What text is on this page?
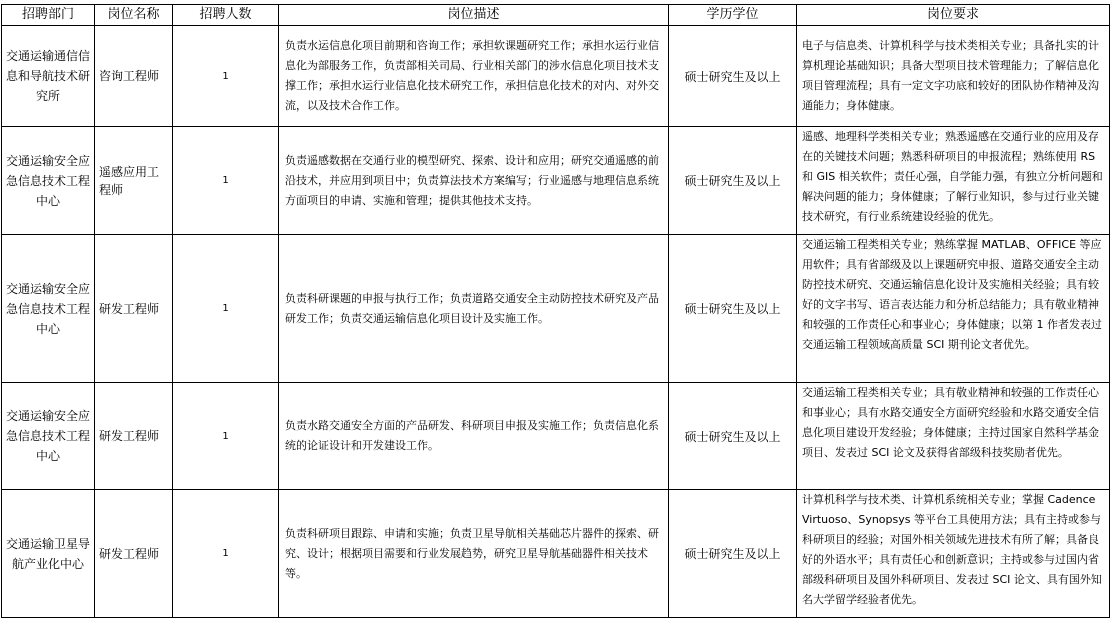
招聘部门	岗位名称	招聘人数	岗位描述	学历学位	岗位要求
交通运输通信信息和导航技术研究所	咨询工程师	1	负责水运信息化项目前期和咨询工作；承担软课题研究工作；承担水运行业信息化为部服务工作，负责部相关司局、行业相关部门的涉水信息化项目技术支撑工作；承担水运行业信息化技术研究工作，承担信息化技术的对内、对外交流，以及技术合作工作。	硕士研究生及以上	电子与信息类、计算机科学与技术类相关专业；具备扎实的计算机理论基础知识；具备大型项目技术管理能力；了解信息化项目管理流程；具有一定文字功底和较好的团队协作精神及沟通能力；身体健康。
交通运输安全应急信息技术工程中心	遥感应用工程师	1	负责遥感数据在交通行业的模型研究、探索、设计和应用；研究交通遥感的前沿技术，并应用到项目中；负责算法技术方案编写；行业遥感与地理信息系统方面项目的申请、实施和管理；提供其他技术支持。	硕士研究生及以上	遥感、地理科学类相关专业；熟悉遥感在交通行业的应用及存在的关键技术问题；熟悉科研项目的申报流程；熟练使用 RS 和 GIS 相关软件；责任心强，自学能力强，有独立分析问题和解决问题的能力；身体健康；了解行业知识，参与过行业关键技术研究，有行业系统建设经验的优先。
交通运输安全应急信息技术工程中心	研发工程师	1	负责科研课题的申报与执行工作；负责道路交通安全主动防控技术研究及产品研发工作；负责交通运输信息化项目设计及实施工作。	硕士研究生及以上	交通运输工程类相关专业；熟练掌握 MATLAB、OFFICE 等应用软件；具有省部级及以上课题研究申报、道路交通安全主动防控技术研究、交通运输信息化设计及实施相关经验；具有较好的文字书写、语言表达能力和分析总结能力；具有敬业精神和较强的工作责任心和事业心；身体健康；以第 1 作者发表过交通运输工程领域高质量 SCI 期刊论文者优先。
交通运输安全应急信息技术工程中心	研发工程师	1	负责水路交通安全方面的产品研发、科研项目申报及实施工作；负责信息化系统的论证设计和开发建设工作。	硕士研究生及以上	交通运输工程类相关专业；具有敬业精神和较强的工作责任心和事业心；具有水路交通安全方面研究经验和水路交通安全信息化项目建设开发经验；身体健康；主持过国家自然科学基金项目、发表过 SCI 论文及获得省部级科技奖励者优先。
交通运输卫星导航产业化中心	研发工程师	1	负责科研项目跟踪、申请和实施；负责卫星导航相关基础芯片器件的探索、研究、设计；根据项目需要和行业发展趋势，研究卫星导航基础器件相关技术等。	硕士研究生及以上	计算机科学与技术类、计算机系统相关专业；掌握 Cadence Virtuoso、Synopsys 等平台工具使用方法；具有主持或参与科研项目的经验；对国外相关领域先进技术有所了解；具备良好的外语水平；具有责任心和创新意识；主持或参与过国内省部级科研项目及国外科研项目、发表过 SCI 论文、具有国外知名大学留学经验者优先。
